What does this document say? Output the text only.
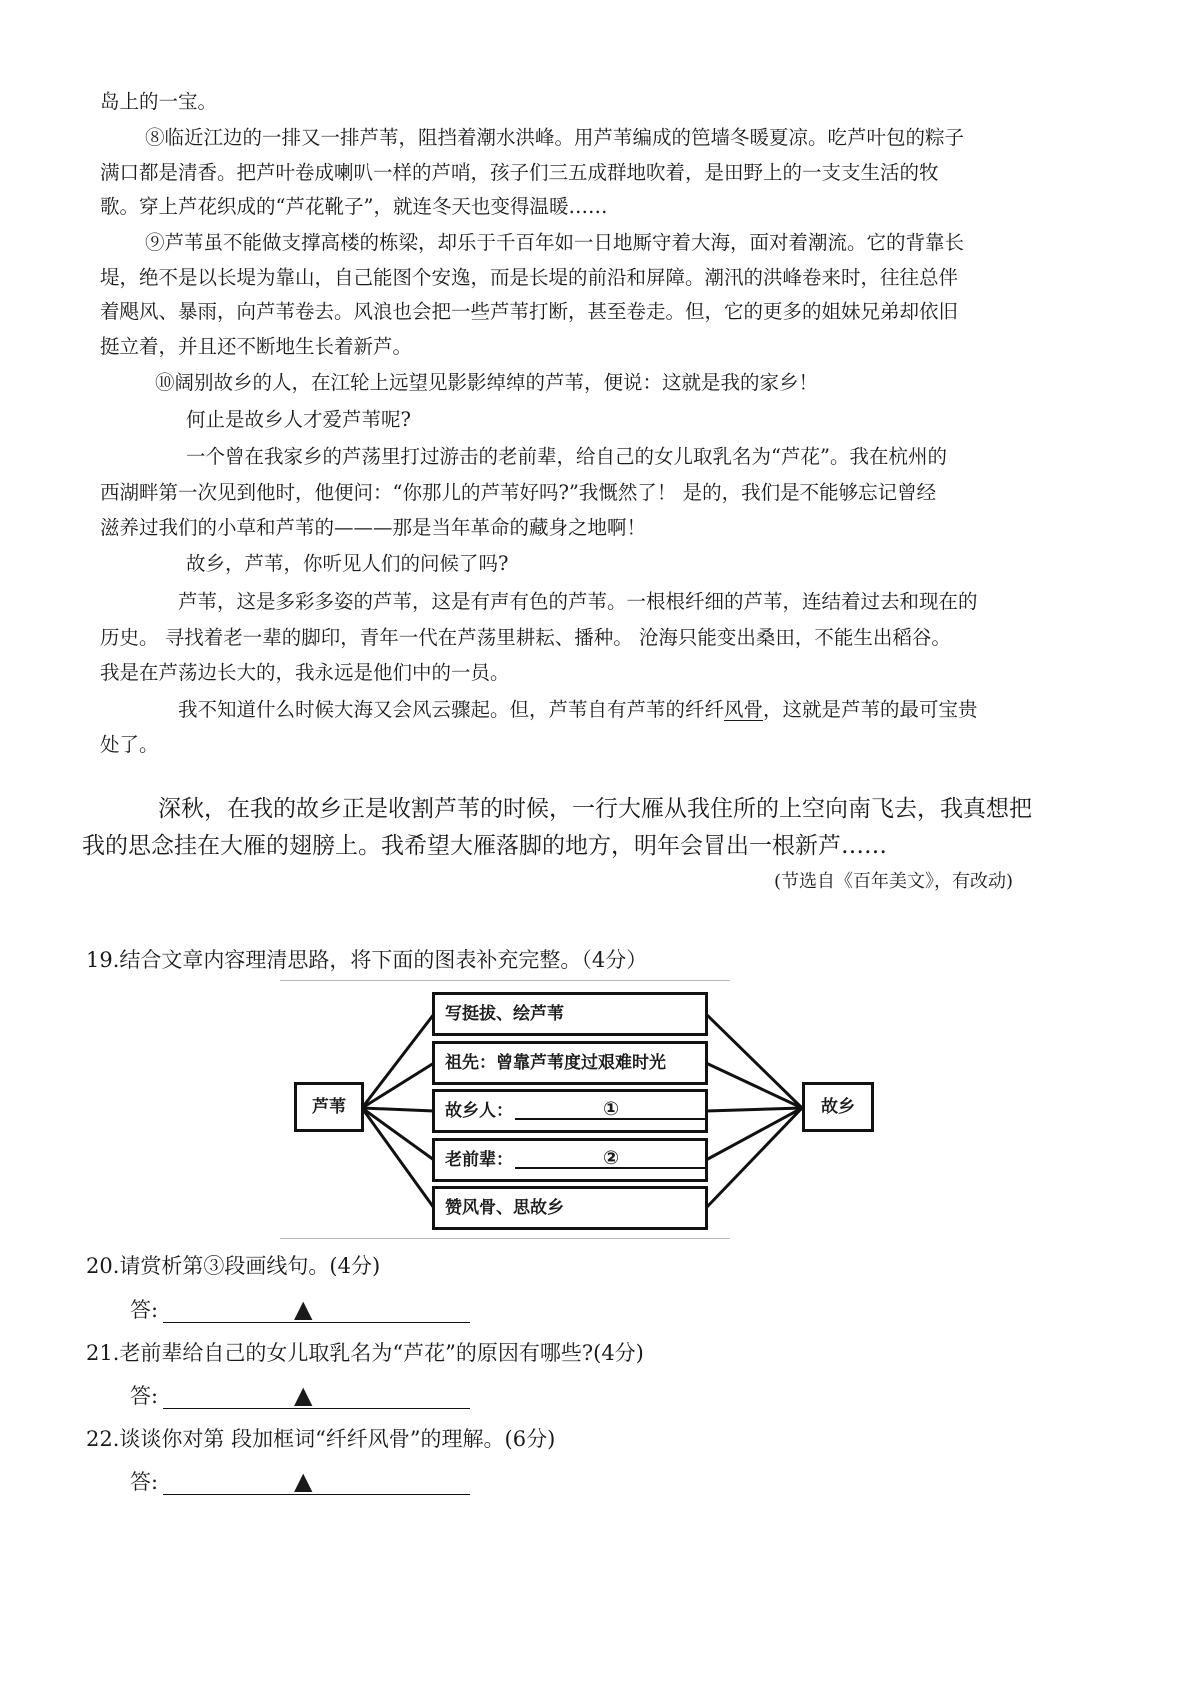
岛上的一宝。
⑧临近江边的一排又一排芦苇，阻挡着潮水洪峰。用芦苇编成的笆墙冬暖夏凉。吃芦叶包的粽子
满口都是清香。把芦叶卷成喇叭一样的芦哨，孩子们三五成群地吹着，是田野上的一支支生活的牧
歌。穿上芦花织成的“芦花靴子”，就连冬天也变得温暖……
⑨芦苇虽不能做支撑高楼的栋梁，却乐于千百年如一日地厮守着大海，面对着潮流。它的背靠长
堤，绝不是以长堤为靠山，自己能图个安逸，而是长堤的前沿和屏障。潮汛的洪峰卷来时，往往总伴
着飓风、暴雨，向芦苇卷去。风浪也会把一些芦苇打断，甚至卷走。但，它的更多的姐妹兄弟却依旧
挺立着，并且还不断地生长着新芦。
⑩阔别故乡的人，在江轮上远望见影影绰绰的芦苇，便说：这就是我的家乡！
何止是故乡人才爱芦苇呢?
一个曾在我家乡的芦荡里打过游击的老前辈，给自己的女儿取乳名为“芦花”。我在杭州的
西湖畔第一次见到他时，他便问：“你那儿的芦苇好吗?”我慨然了！ 是的，我们是不能够忘记曾经
滋养过我们的小草和芦苇的———那是当年革命的藏身之地啊！
故乡，芦苇，你听见人们的问候了吗?
芦苇，这是多彩多姿的芦苇，这是有声有色的芦苇。一根根纤细的芦苇，连结着过去和现在的
历史。 寻找着老一辈的脚印，青年一代在芦荡里耕耘、播种。 沧海只能变出桑田，不能生出稻谷。
我是在芦荡边长大的，我永远是他们中的一员。
我不知道什么时候大海又会风云骤起。但，芦苇自有芦苇的纤纤风骨，这就是芦苇的最可宝贵
处了。
深秋，在我的故乡正是收割芦苇的时候，一行大雁从我住所的上空向南飞去，我真想把
我的思念挂在大雁的翅膀上。我希望大雁落脚的地方，明年会冒出一根新芦……
(节选自《百年美文》，有改动)
19.结合文章内容理清思路，将下面的图表补充完整。（4分）
芦苇	故乡
写挺拔、绘芦苇
祖先：曾靠芦苇度过艰难时光
故乡人：	①
老前辈：	②
赞风骨、思故乡
20.请赏析第③段画线句。(4分)
答:	▲
21.老前辈给自己的女儿取乳名为“芦花”的原因有哪些?(4分)
答:	▲
22.谈谈你对第 段加框词“纤纤风骨”的理解。(6分)
答:	▲
